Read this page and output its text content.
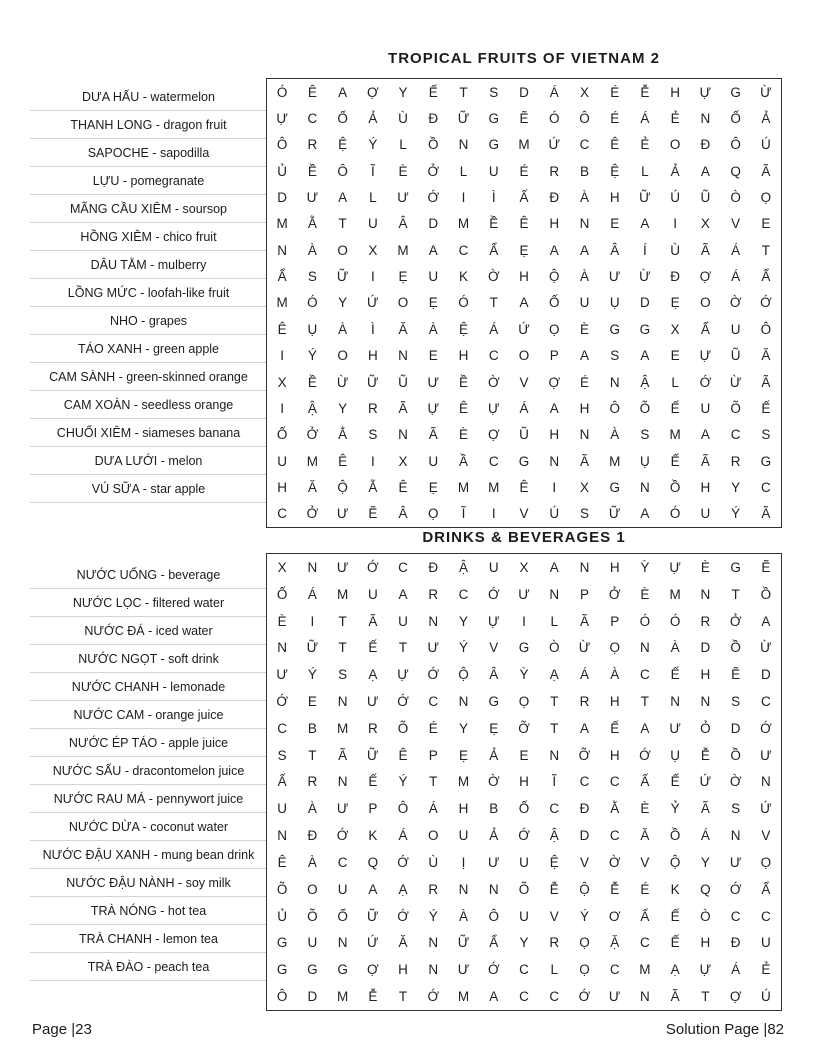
TROPICAL FRUITS OF VIETNAM 2
DƯA HẤU - watermelon
THANH LONG - dragon fruit
SAPOCHE - sapodilla
LỰU - pomegranate
MÃNG CẦU XIÊM - soursop
HỒNG XIÊM - chico fruit
DÂU TẰM - mulberry
LỒNG MỨC - loofah-like fruit
NHO - grapes
TÁO XANH - green apple
CAM SÀNH - green-skinned orange
CAM XOÀN - seedless orange
CHUỐI XIÊM - siameses banana
DƯA LƯỚI - melon
VÚ SỮA - star apple
Ó	Ê	A	Ợ	Y	Ế	T	S	D	Á	X	É	Ễ	H	Ự	G	Ừ
Ự	C	Ố	Ả	Ù	Đ	Ữ	G	Ẽ	Ó	Ô	É	Á	Ẻ	N	Ố	Ả
Ô	R	Ệ	Ý	L	Ồ	N	G	M	Ứ	C	Ê	Ẻ	O	Đ	Ô	Ú
Ủ	Ề	Ô	Ĩ	È	Ở	L	U	É	R	B	Ệ	L	Ả	A	Q	Ã
D	Ư	A	L	Ư	Ớ	I	Ì	Ấ	Đ	À	H	Ữ	Ú	Ũ	Ò	Ọ
M	Ằ	T	U	Â	D	M	Ề	Ê	H	N	E	A	I	X	V	E
N	À	O	X	M	A	C	Ẩ	Ẹ	A	A	Â	Í	Ù	Ã	Á	T
Ẩ	S	Ữ	I	Ẹ	U	K	Ờ	H	Ộ	À	Ư	Ừ	Đ	Ợ	Á	Ẩ
M	Ó	Y	Ứ	O	Ẹ	Ó	T	A	Ố	U	Ụ	D	Ẹ	O	Ờ	Ớ
Ê	Ụ	À	Ì	Ă	À	Ệ	Á	Ứ	Ọ	È	G	G	X	Ẩ	U	Ô
I	Ý	O	H	N	E	H	C	O	P	A	S	A	E	Ự	Ũ	Ă
X	Ề	Ừ	Ữ	Ũ	Ư	Ề	Ờ	V	Ợ	É	N	Ậ	L	Ớ	Ừ	Ã
I	Ậ	Y	R	Ã	Ự	Ê	Ự	Á	A	H	Ô	Õ	Ế	U	Õ	Ế
Ố	Ở	Ẳ	S	N	Ã	È	Ợ	Ũ	H	N	À	S	M	A	C	S
U	M	Ê	I	X	U	Ầ	C	G	N	Ã	M	Ụ	Ế	Ã	R	G
H	Ă	Ộ	Ẵ	Ê	Ẹ	M	M	Ê	I	X	G	N	Ồ	H	Y	C
C	Ở	Ư	Ẽ	Â	Ọ	Ĩ	I	V	Ú	S	Ữ	A	Ó	U	Ý	Ã
DRINKS & BEVERAGES 1
NƯỚC UỐNG - beverage
NƯỚC LỌC - filtered water
NƯỚC ĐÁ - iced water
NƯỚC NGỌT - soft drink
NƯỚC CHANH - lemonade
NƯỚC CAM - orange juice
NƯỚC ÉP TÁO - apple juice
NƯỚC SẤU - dracontomelon juice
NƯỚC RAU MÁ - pennywort juice
NƯỚC DỪA - coconut water
NƯỚC ĐẬU XANH - mung bean drink
NƯỚC ĐẬU NÀNH - soy milk
TRÀ NÓNG - hot tea
TRÀ CHANH - lemon tea
TRÀ ĐÀO - peach tea
X	N	Ư	Ớ	C	Đ	Ậ	U	X	A	N	H	Ỳ	Ự	È	G	Ẽ
Ố	Á	M	U	A	R	C	Ớ	Ư	N	P	Ở	È	M	N	T	Ồ
È	I	T	Ã	U	N	Y	Ự	I	L	Ã	P	Ó	Ó	R	Ở	A
N	Ữ	T	Ế	T	Ư	Ý	V	G	Ò	Ừ	Ọ	N	À	D	Ồ	Ừ
Ư	Ý	S	Ạ	Ự	Ớ	Ộ	Â	Ỳ	Ạ	Á	À	C	Ế	H	Ẽ	D
Ớ	E	N	Ư	Ớ	C	N	G	Ọ	T	R	H	T	N	N	S	C
C	B	M	R	Õ	É	Y	Ẹ	Ỡ	T	A	Ế	A	Ư	Ỏ	D	Ớ
S	T	Ã	Ữ	Ê	P	Ẹ	Ả	E	N	Ỡ	H	Ớ	Ụ	Ễ	Ồ	Ư
Ấ	R	N	Ế	Ý	T	M	Ờ	H	Ĩ	C	C	Ấ	Ế	Ứ	Ờ	N
U	À	Ư	P	Ô	Á	H	B	Ố	C	Đ	Ằ	È	Ỷ	Ã	S	Ứ
N	Đ	Ớ	K	Á	O	U	Ả	Ớ	Ậ	D	C	Ă	Ồ	Á	N	V
Ê	À	C	Q	Ớ	Ù	Ị	Ư	U	Ệ	V	Ờ	V	Ộ	Y	Ư	Ọ
Õ	O	U	A	Ạ	R	N	N	Õ	Ễ	Ộ	Ễ	É	K	Q	Ớ	Ẩ
Ủ	Õ	Ố	Ữ	Ớ	Ý	À	Ô	U	V	Ý	Ơ	Ấ	Ế	Ò	C	C
G	U	N	Ứ	Ă	N	Ữ	Ẩ	Y	R	Ọ	Ặ	C	Ế	H	Đ	U
G	G	G	Ợ	H	N	Ư	Ớ	C	L	Ọ	C	M	Ạ	Ự	Á	Ẻ
Ô	D	M	Ễ	T	Ớ	M	A	C	C	Ớ	Ư	N	Ã	T	Ợ	Ú
Page |23	Solution Page |82
